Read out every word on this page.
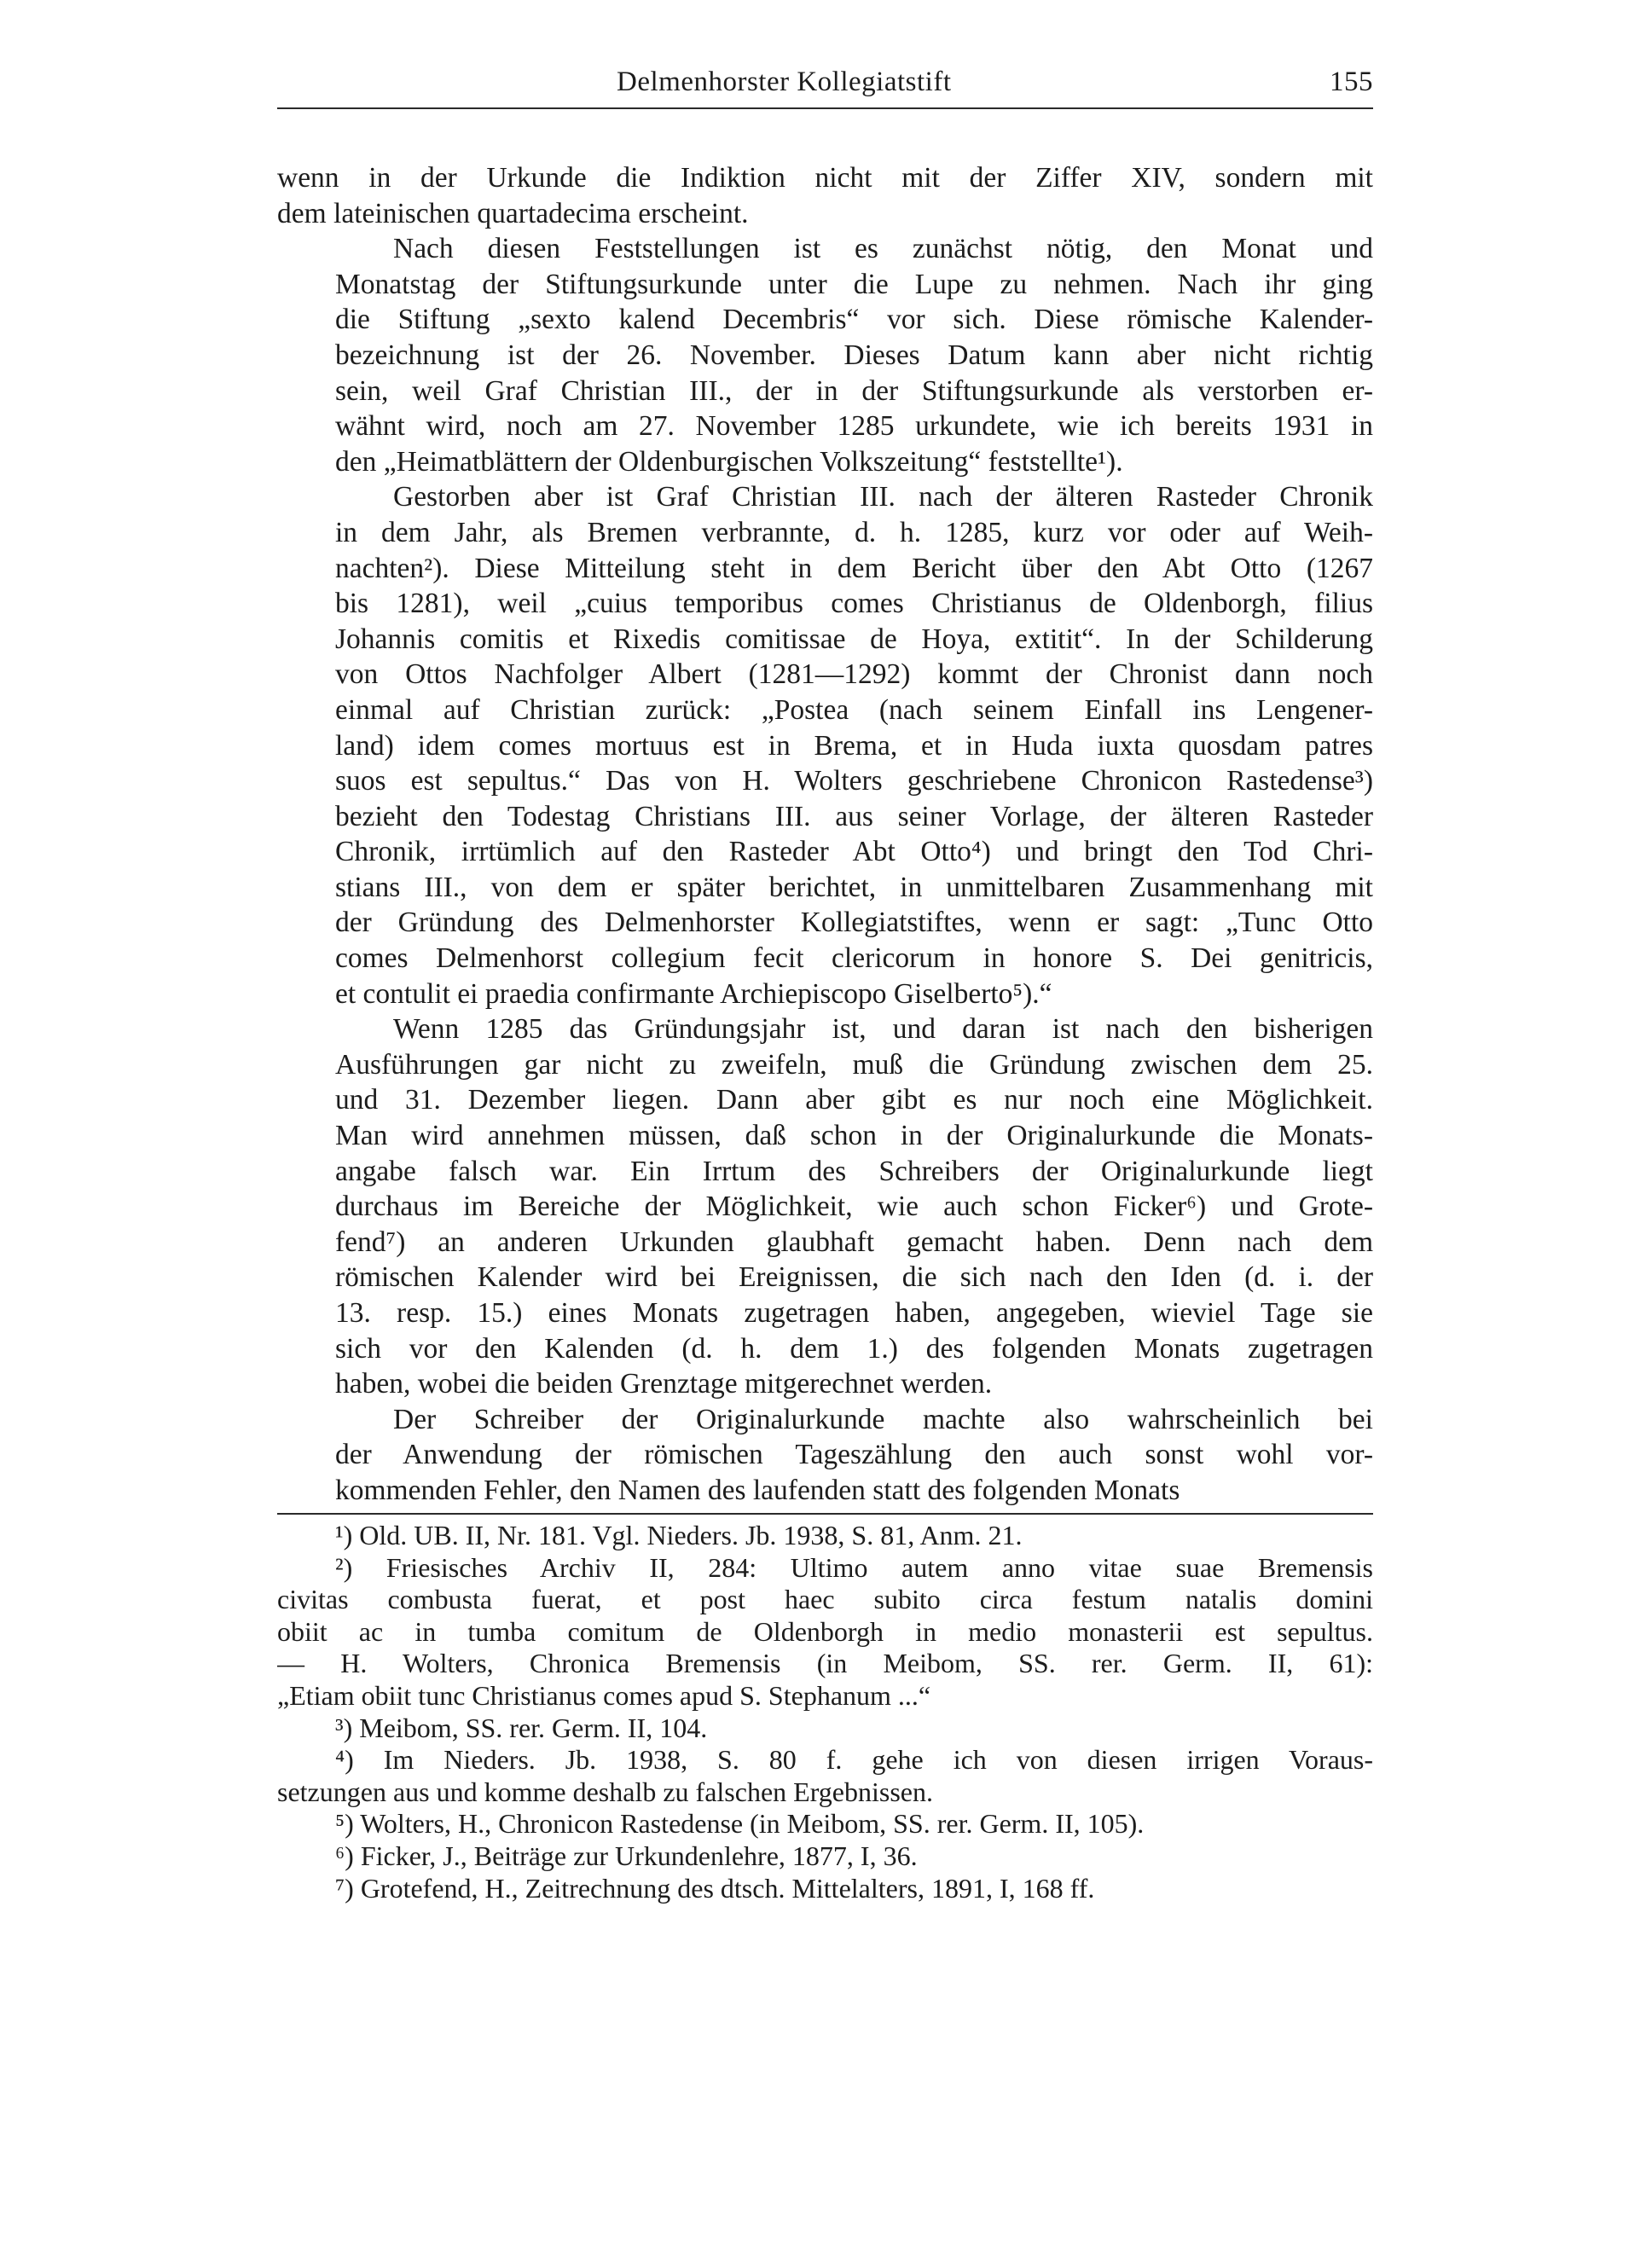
Delmenhorster Kollegiatstift	155
wenn in der Urkunde die Indiktion nicht mit der Ziffer XIV, sondern mit
dem lateinischen quartadecima erscheint.
Nach diesen Feststellungen ist es zunächst nötig, den Monat und
Monatstag der Stiftungsurkunde unter die Lupe zu nehmen. Nach ihr ging
die Stiftung „sexto kalend Decembris“ vor sich. Diese römische Kalender-
bezeichnung ist der 26. November. Dieses Datum kann aber nicht richtig
sein, weil Graf Christian III., der in der Stiftungsurkunde als verstorben er-
wähnt wird, noch am 27. November 1285 urkundete, wie ich bereits 1931 in
den „Heimatblättern der Oldenburgischen Volkszeitung“ feststellte¹).
Gestorben aber ist Graf Christian III. nach der älteren Rasteder Chronik
in dem Jahr, als Bremen verbrannte, d. h. 1285, kurz vor oder auf Weih-
nachten²). Diese Mitteilung steht in dem Bericht über den Abt Otto (1267
bis 1281), weil „cuius temporibus comes Christianus de Oldenborgh, filius
Johannis comitis et Rixedis comitissae de Hoya, extitit“. In der Schilderung
von Ottos Nachfolger Albert (1281—1292) kommt der Chronist dann noch
einmal auf Christian zurück: „Postea (nach seinem Einfall ins Lengener-
land) idem comes mortuus est in Brema, et in Huda iuxta quosdam patres
suos est sepultus.“ Das von H. Wolters geschriebene Chronicon Rastedense³)
bezieht den Todestag Christians III. aus seiner Vorlage, der älteren Rasteder
Chronik, irrtümlich auf den Rasteder Abt Otto⁴) und bringt den Tod Chri-
stians III., von dem er später berichtet, in unmittelbaren Zusammenhang mit
der Gründung des Delmenhorster Kollegiatstiftes, wenn er sagt: „Tunc Otto
comes Delmenhorst collegium fecit clericorum in honore S. Dei genitricis,
et contulit ei praedia confirmante Archiepiscopo Giselberto⁵).“
Wenn 1285 das Gründungsjahr ist, und daran ist nach den bisherigen
Ausführungen gar nicht zu zweifeln, muß die Gründung zwischen dem 25.
und 31. Dezember liegen. Dann aber gibt es nur noch eine Möglichkeit.
Man wird annehmen müssen, daß schon in der Originalurkunde die Monats-
angabe falsch war. Ein Irrtum des Schreibers der Originalurkunde liegt
durchaus im Bereiche der Möglichkeit, wie auch schon Ficker⁶) und Grote-
fend⁷) an anderen Urkunden glaubhaft gemacht haben. Denn nach dem
römischen Kalender wird bei Ereignissen, die sich nach den Iden (d. i. der
13. resp. 15.) eines Monats zugetragen haben, angegeben, wieviel Tage sie
sich vor den Kalenden (d. h. dem 1.) des folgenden Monats zugetragen
haben, wobei die beiden Grenztage mitgerechnet werden.
Der Schreiber der Originalurkunde machte also wahrscheinlich bei
der Anwendung der römischen Tageszählung den auch sonst wohl vor-
kommenden Fehler, den Namen des laufenden statt des folgenden Monats
¹) Old. UB. II, Nr. 181. Vgl. Nieders. Jb. 1938, S. 81, Anm. 21.
²) Friesisches Archiv II, 284: Ultimo autem anno vitae suae Bremensis
civitas combusta fuerat, et post haec subito circa festum natalis domini
obiit ac in tumba comitum de Oldenborgh in medio monasterii est sepultus.
— H. Wolters, Chronica Bremensis (in Meibom, SS. rer. Germ. II, 61):
„Etiam obiit tunc Christianus comes apud S. Stephanum ...“
³) Meibom, SS. rer. Germ. II, 104.
⁴) Im Nieders. Jb. 1938, S. 80 f. gehe ich von diesen irrigen Voraus-
setzungen aus und komme deshalb zu falschen Ergebnissen.
⁵) Wolters, H., Chronicon Rastedense (in Meibom, SS. rer. Germ. II, 105).
⁶) Ficker, J., Beiträge zur Urkundenlehre, 1877, I, 36.
⁷) Grotefend, H., Zeitrechnung des dtsch. Mittelalters, 1891, I, 168 ff.
